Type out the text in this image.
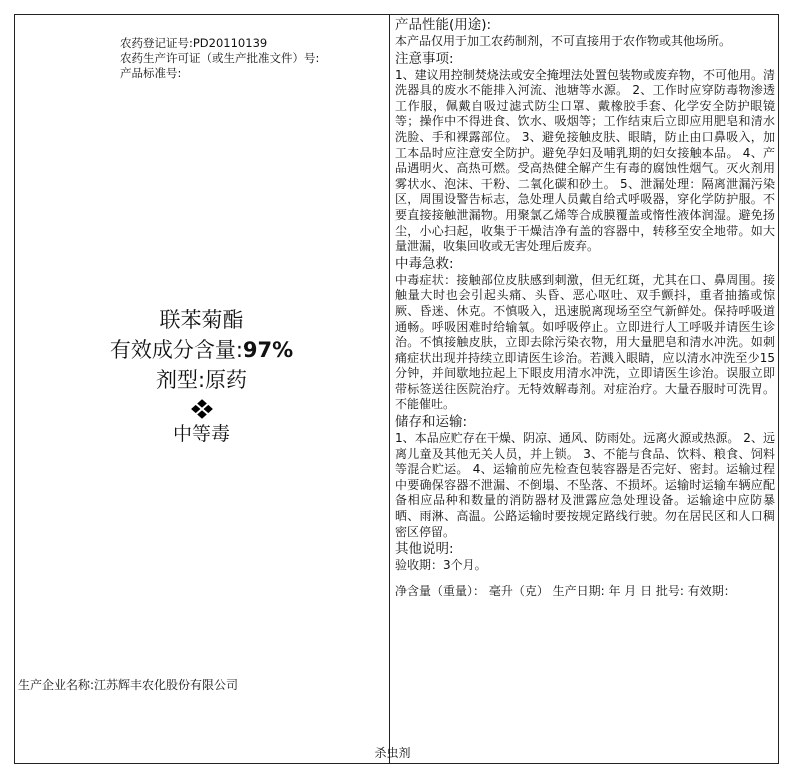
农药登记证号:PD20110139
农药生产许可证（或生产批准文件）号:
产品标准号:
联苯菊酯
有效成分含量:97%
剂型:原药
中等毒
生产企业名称:江苏辉丰农化股份有限公司
产品性能(用途):

本产品仅用于加工农药制剂，不可直接用于农作物或其他场所。

注意事项:

1、建议用控制焚烧法或安全掩埋法处置包装物或废弃物，不可他用。清洗器具的废水不能排入河流、池塘等水源。 2、工作时应穿防毒物渗透工作服，佩戴自吸过滤式防尘口罩、戴橡胶手套、化学安全防护眼镜等；操作中不得进食、饮水、吸烟等；工作结束后立即应用肥皂和清水洗脸、手和裸露部位。 3、避免接触皮肤、眼睛，防止由口鼻吸入，加工本品时应注意安全防护。避免孕妇及哺乳期的妇女接触本品。 4、产品遇明火、高热可燃。受高热健全解产生有毒的腐蚀性烟气。灭火剂用雾状水、泡沫、干粉、二氧化碳和砂土。 5、泄漏处理：隔离泄漏污染区，周围设警告标志，急处理人员戴自给式呼吸器，穿化学防护服。不要直接接触泄漏物。用聚氯乙烯等合成膜覆盖或惰性液体润湿。避免扬尘，小心扫起，收集于干燥洁净有盖的容器中，转移至安全地带。如大量泄漏，收集回收或无害处理后废弃。

中毒急救:

中毒症状：接触部位皮肤感到刺激，但无红斑，尤其在口、鼻周围。接触量大时也会引起头痛、头昏、恶心呕吐、双手颤抖，重者抽搐或惊厥、昏迷、休克。不慎吸入，迅速脱离现场至空气新鲜处。保持呼吸道通畅。呼吸困难时给输氧。如呼吸停止。立即进行人工呼吸并请医生诊治。不慎接触皮肤，立即去除污染衣物，用大量肥皂和清水冲洗。如刺痛症状出现并持续立即请医生诊治。若溅入眼睛，应以清水冲洗至少15分钟，并间歇地拉起上下眼皮用清水冲洗，立即请医生诊治。误服立即带标签送往医院治疗。无特效解毒剂。对症治疗。大量吞服时可洗胃。不能催吐。

储存和运输:

1、本品应贮存在干燥、阴凉、通风、防雨处。远离火源或热源。 2、远离儿童及其他无关人员，并上锁。 3、不能与食品、饮料、粮食、饲料等混合贮运。 4、运输前应先检查包装容器是否完好、密封。运输过程中要确保容器不泄漏、不倒塌、不坠落、不损坏。运输时运输车辆应配备相应品种和数量的消防器材及泄露应急处理设备。运输途中应防暴晒、雨淋、高温。公路运输时要按规定路线行驶。勿在居民区和人口稠密区停留。

其他说明:

验收期：3个月。

净含量（重量）： 毫升（克） 生产日期: 年 月 日 批号: 有效期：

杀虫剂
